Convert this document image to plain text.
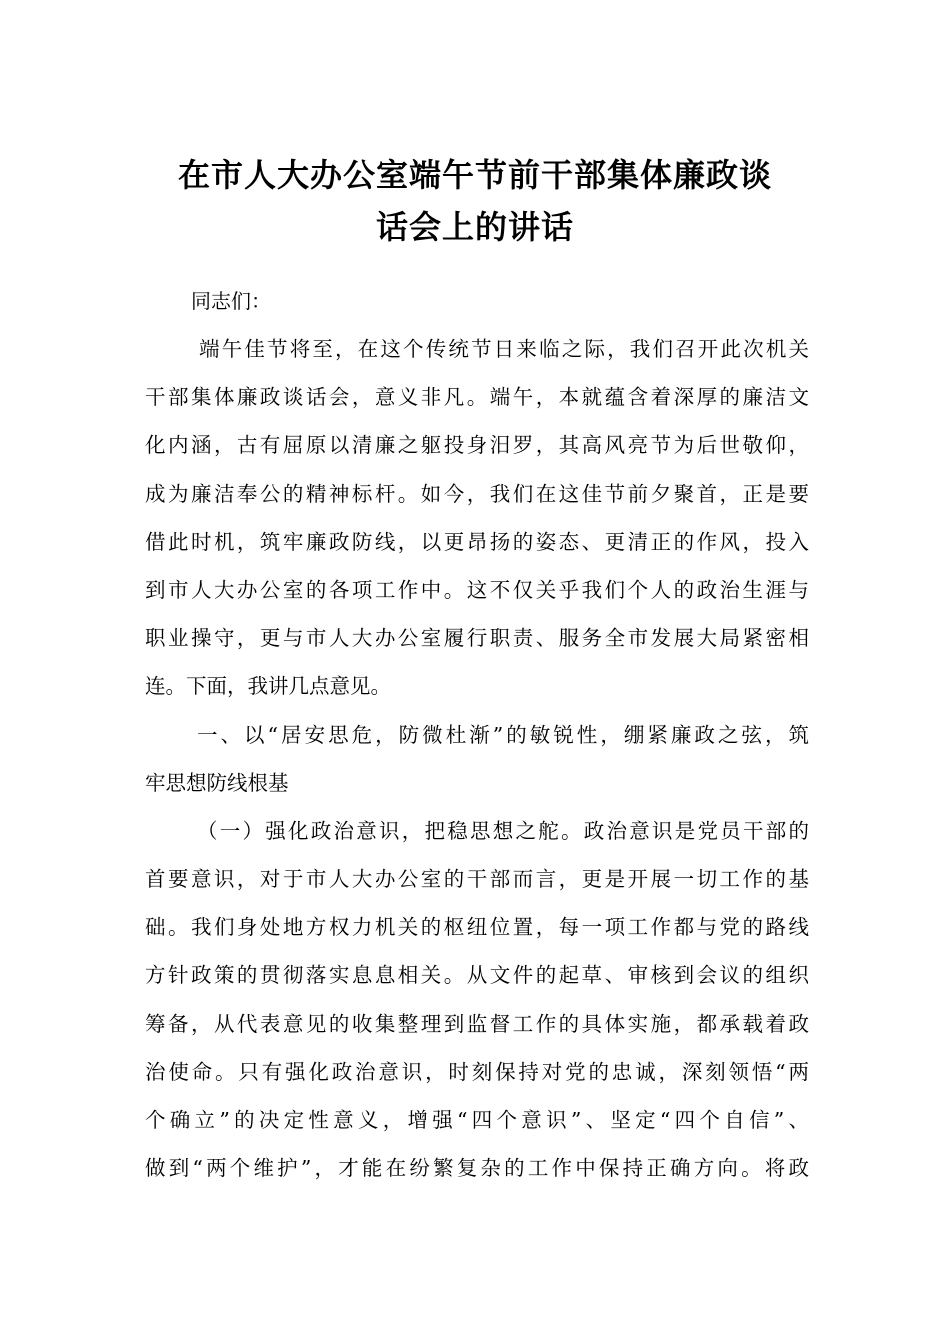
在市人大办公室端午节前干部集体廉政谈
话会上的讲话

同志们：

端午佳节将至，在这个传统节日来临之际，我们召开此次机关
干部集体廉政谈话会，意义非凡。端午，本就蕴含着深厚的廉洁文
化内涵，古有屈原以清廉之躯投身汨罗，其高风亮节为后世敬仰，
成为廉洁奉公的精神标杆。如今，我们在这佳节前夕聚首，正是要
借此时机，筑牢廉政防线，以更昂扬的姿态、更清正的作风，投入
到市人大办公室的各项工作中。这不仅关乎我们个人的政治生涯与
职业操守，更与市人大办公室履行职责、服务全市发展大局紧密相
连。下面，我讲几点意见。

一、以“居安思危，防微杜渐”的敏锐性，绷紧廉政之弦，筑
牢思想防线根基

（一）强化政治意识，把稳思想之舵。政治意识是党员干部的
首要意识，对于市人大办公室的干部而言，更是开展一切工作的基
础。我们身处地方权力机关的枢纽位置，每一项工作都与党的路线
方针政策的贯彻落实息息相关。从文件的起草、审核到会议的组织
筹备，从代表意见的收集整理到监督工作的具体实施，都承载着政
治使命。只有强化政治意识，时刻保持对党的忠诚，深刻领悟“两
个确立”的决定性意义，增强“四个意识”、坚定“四个自信”、
做到“两个维护”，才能在纷繁复杂的工作中保持正确方向。将政
